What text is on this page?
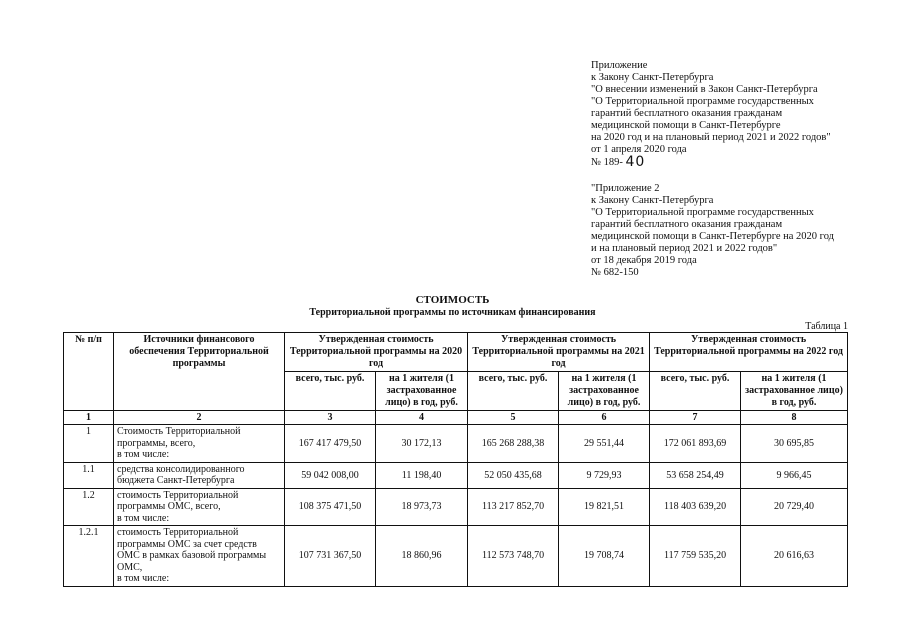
Приложение
к Закону Санкт-Петербурга
"О внесении изменений в Закон Санкт-Петербурга
"О Территориальной программе государственных
гарантий бесплатного оказания гражданам
медицинской помощи в Санкт-Петербурге
на 2020 год и на плановый период 2021 и 2022 годов"
от 1 апреля 2020 года
№ 189- 40
"Приложение 2
к Закону Санкт-Петербурга
"О Территориальной программе государственных
гарантий бесплатного оказания гражданам
медицинской помощи в Санкт-Петербурге на 2020 год
и на плановый период 2021 и 2022 годов"
от 18 декабря 2019 года
№ 682-150
СТОИМОСТЬ
Территориальной программы по источникам финансирования
Таблица 1
№ п/п	Источники финансового обеспечения Территориальной программы	Утвержденная стоимость Территориальной программы на 2020 год		Утвержденная стоимость Территориальной программы на 2021 год		Утвержденная стоимость Территориальной программы на 2022 год	
		всего, тыс. руб.	на 1 жителя (1 застрахованное лицо) в год, руб.	всего, тыс. руб.	на 1 жителя (1 застрахованное лицо) в год, руб.	всего, тыс. руб.	на 1 жителя (1 застрахованное лицо) в год, руб.
1	2	3	4	5	6	7	8
1	Стоимость Территориальной
программы, всего,
в том числе:	167 417 479,50	30 172,13	165 268 288,38	29 551,44	172 061 893,69	30 695,85
1.1	средства консолидированного
бюджета Санкт-Петербурга	59 042 008,00	11 198,40	52 050 435,68	9 729,93	53 658 254,49	9 966,45
1.2	стоимость Территориальной
программы ОМС, всего,
в том числе:	108 375 471,50	18 973,73	113 217 852,70	19 821,51	118 403 639,20	20 729,40
1.2.1	стоимость Территориальной
программы ОМС за счет средств
ОМС в рамках базовой программы
ОМС,
в том числе:	107 731 367,50	18 860,96	112 573 748,70	19 708,74	117 759 535,20	20 616,63
